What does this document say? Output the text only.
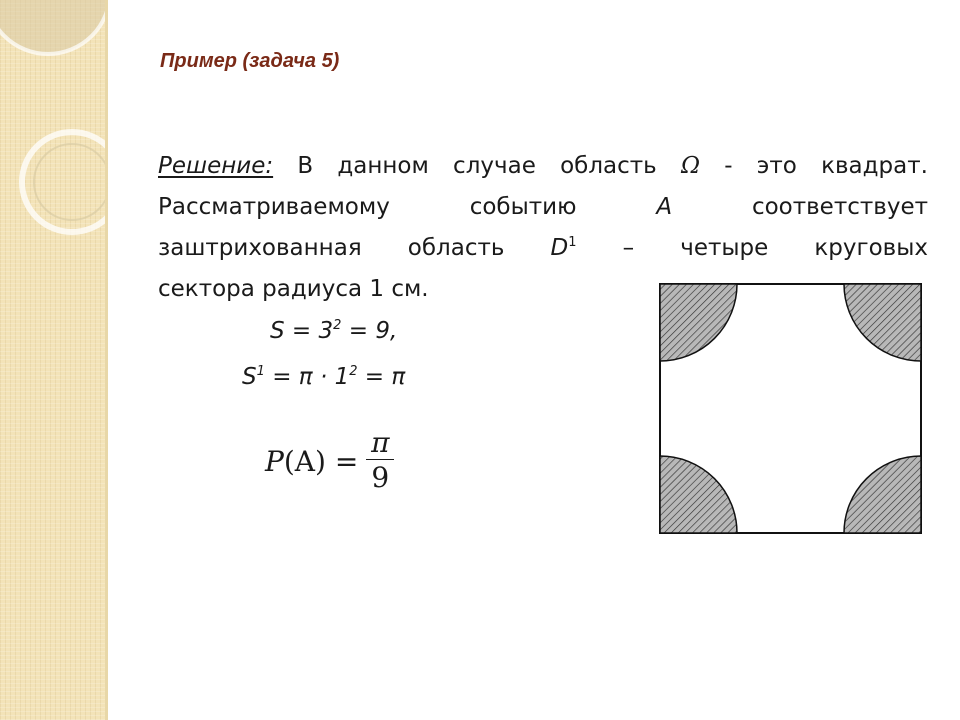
Пример (задача 5)
Решение: В данном случае область Ω - это квадрат.
Рассматриваемому	событию	A	соответствует
заштрихованная область $D^1$ – четыре круговых
сектора радиуса 1 см.
$S = 3^2 = 9$,
$S^1 = \pi \cdot 1^2 = \pi$
$P(A) = \frac{\pi}{9}$
